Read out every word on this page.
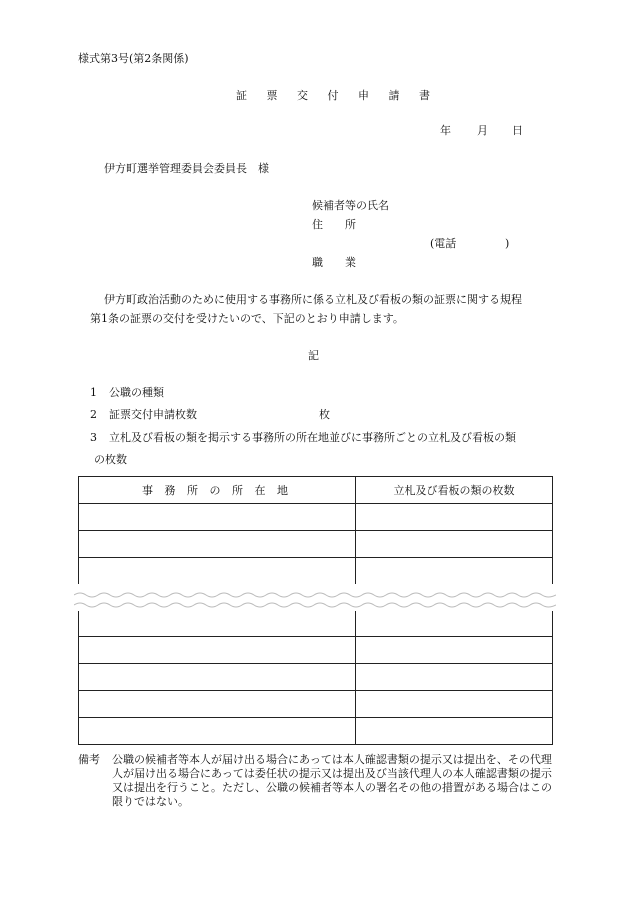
様式第3号(第2条関係)
証 票 交 付 申 請 書
年 月 日
伊方町選挙管理委員会委員長　様
候補者等の氏名
住　　所
(電話	)
職　　業
伊方町政治活動のために使用する事務所に係る立札及び看板の類の証票に関する規程
第1条の証票の交付を受けたいので、下記のとおり申請します。
記
1 公職の種類
2 証票交付申請枚数	枚
3 立札及び看板の類を掲示する事務所の所在地並びに事務所ごとの立札及び看板の類
の枚数
事 務 所 の 所 在 地	立札及び看板の類の枚数

備考 公職の候補者等本人が届け出る場合にあっては本人確認書類の提示又は提出を、その代理人が届け出る場合にあっては委任状の提示又は提出及び当該代理人の本人確認書類の提示又は提出を行うこと。ただし、公職の候補者等本人の署名その他の措置がある場合はこの限りではない。
